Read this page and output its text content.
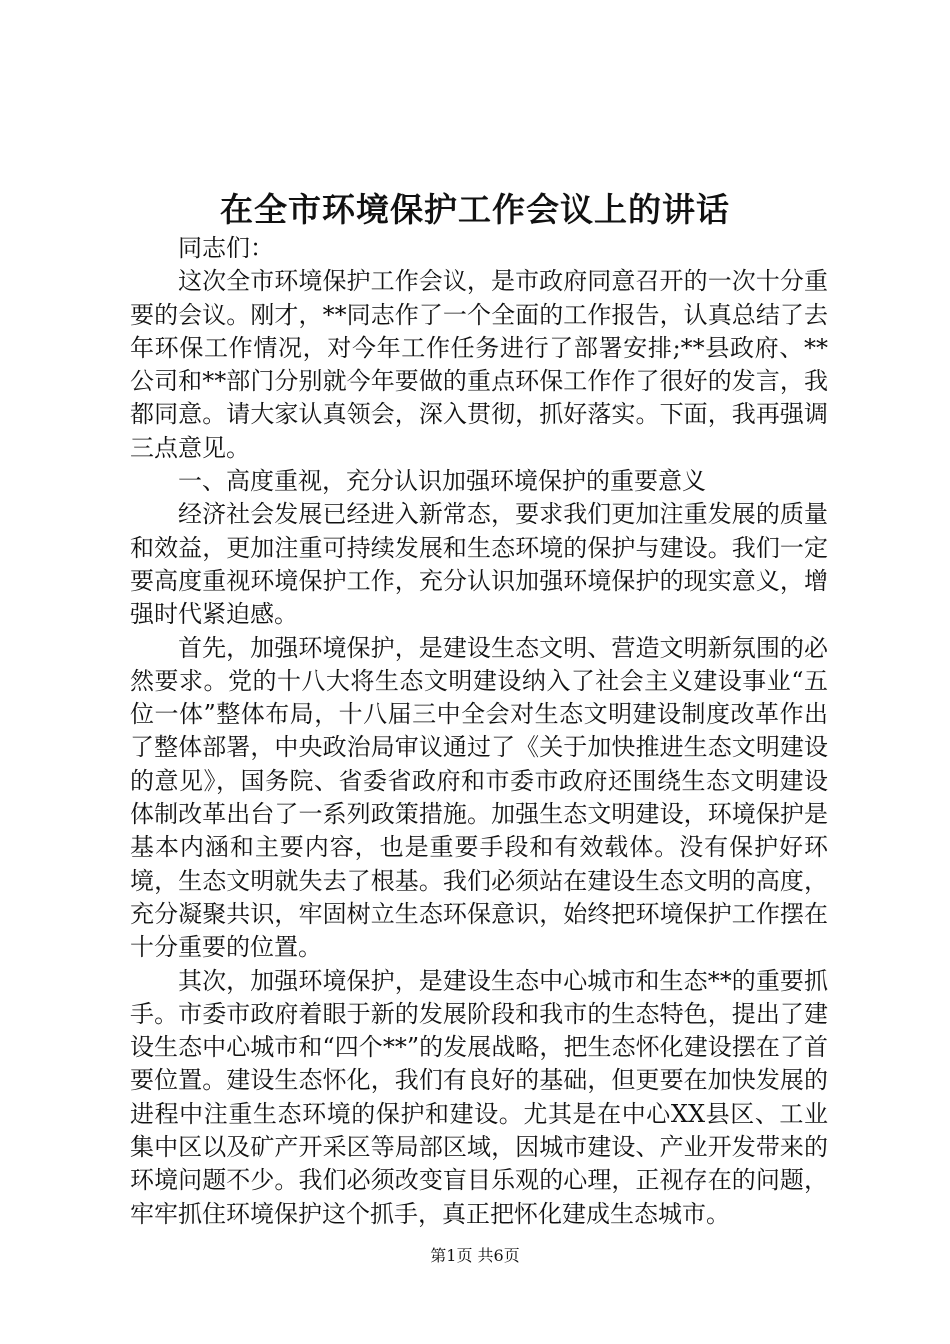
在全市环境保护工作会议上的讲话

同志们：

这次全市环境保护工作会议，是市政府同意召开的一次十分重要的会议。刚才，**同志作了一个全面的工作报告，认真总结了去年环保工作情况，对今年工作任务进行了部署安排;**县政府、**公司和**部门分别就今年要做的重点环保工作作了很好的发言，我都同意。请大家认真领会，深入贯彻，抓好落实。下面，我再强调三点意见。

一、高度重视，充分认识加强环境保护的重要意义

经济社会发展已经进入新常态，要求我们更加注重发展的质量和效益，更加注重可持续发展和生态环境的保护与建设。我们一定要高度重视环境保护工作，充分认识加强环境保护的现实意义，增强时代紧迫感。

首先，加强环境保护，是建设生态文明、营造文明新氛围的必然要求。党的十八大将生态文明建设纳入了社会主义建设事业“五位一体”整体布局，十八届三中全会对生态文明建设制度改革作出了整体部署，中央政治局审议通过了《关于加快推进生态文明建设的意见》，国务院、省委省政府和市委市政府还围绕生态文明建设体制改革出台了一系列政策措施。加强生态文明建设，环境保护是基本内涵和主要内容，也是重要手段和有效载体。没有保护好环境，生态文明就失去了根基。我们必须站在建设生态文明的高度，充分凝聚共识，牢固树立生态环保意识，始终把环境保护工作摆在十分重要的位置。

其次，加强环境保护，是建设生态中心城市和生态**的重要抓手。市委市政府着眼于新的发展阶段和我市的生态特色，提出了建设生态中心城市和“四个**”的发展战略，把生态怀化建设摆在了首要位置。建设生态怀化，我们有良好的基础，但更要在加快发展的进程中注重生态环境的保护和建设。尤其是在中心XX县区、工业集中区以及矿产开采区等局部区域，因城市建设、产业开发带来的环境问题不少。我们必须改变盲目乐观的心理，正视存在的问题，牢牢抓住环境保护这个抓手，真正把怀化建成生态城市。

第1页 共6页
